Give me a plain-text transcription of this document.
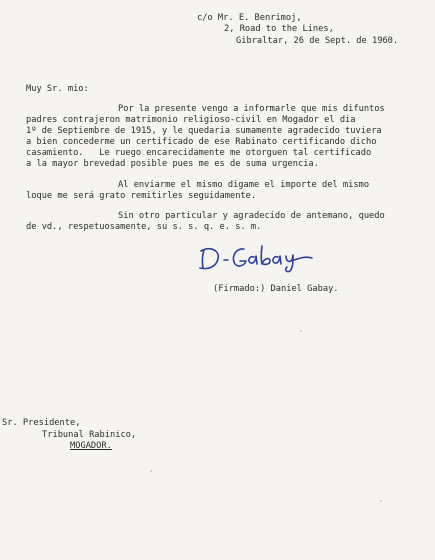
c/o Mr. E. Benrimoj,
2, Road to the Lines,
Gibraltar, 26 de Sept. de 1960.
Muy Sr. mio:
Por la presente vengo a informarle que mis difuntos
padres contrajeron matrimonio religioso-civil en Mogador el dia
1º de Septiembre de 1915, y le quedaria sumamente agradecido tuviera
a bien concederme un certificado de ese Rabinato certificando dicho
casamiento.   Le ruego encarecidamente me otorguen tal certificado
a la mayor brevedad posible pues me es de suma urgencia.
Al enviarme el mismo digame el importe del mismo
loque me será grato remitirles seguidamente.
Sin otro particular y agradecido de antemano, quedo
de vd., respetuosamente, su s. s. q. e. s. m.
(Firmado:) Daniel Gabay.
Sr. Presidente,
Tribunal Rabinico,
MOGADOR.
